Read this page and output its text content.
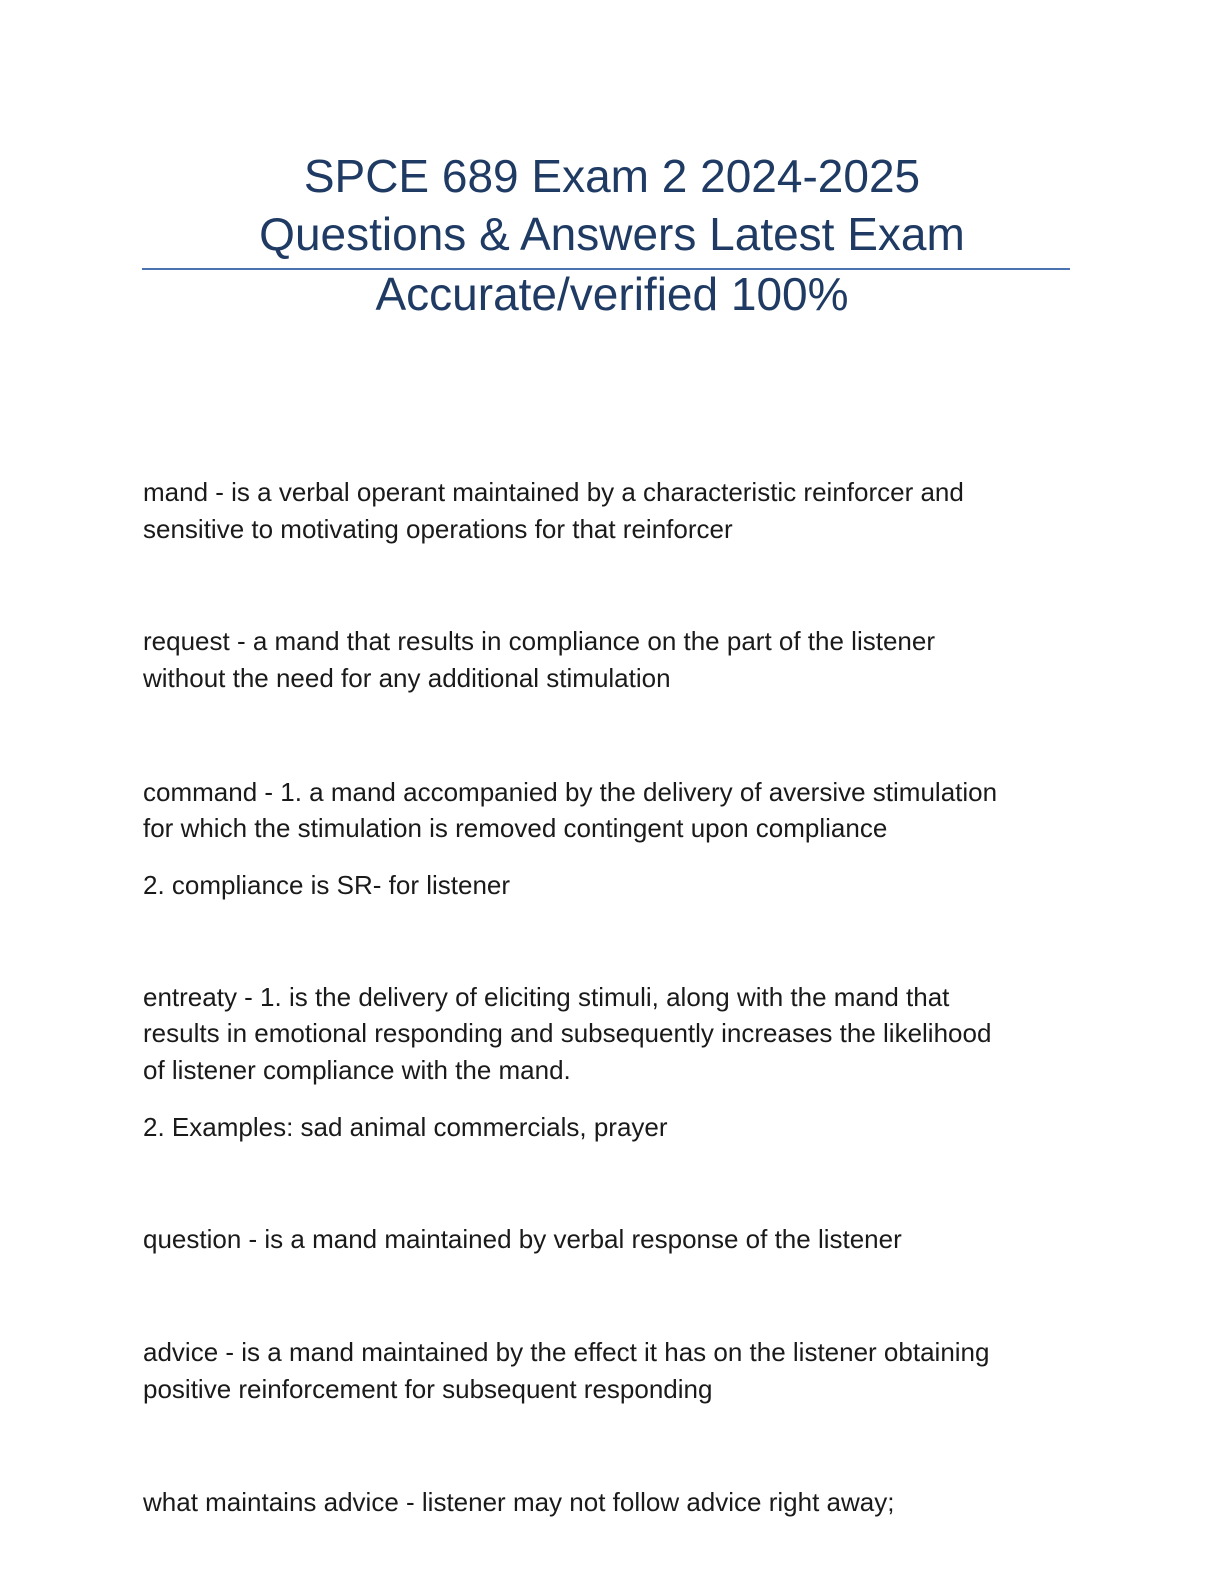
SPCE 689 Exam 2 2024-2025
Questions & Answers Latest Exam
Accurate/verified 100%
mand - is a verbal operant maintained by a characteristic reinforcer and
sensitive to motivating operations for that reinforcer
request - a mand that results in compliance on the part of the listener
without the need for any additional stimulation
command - 1. a mand accompanied by the delivery of aversive stimulation
for which the stimulation is removed contingent upon compliance
2. compliance is SR- for listener
entreaty - 1. is the delivery of eliciting stimuli, along with the mand that
results in emotional responding and subsequently increases the likelihood
of listener compliance with the mand.
2. Examples: sad animal commercials, prayer
question - is a mand maintained by verbal response of the listener
advice - is a mand maintained by the effect it has on the listener obtaining
positive reinforcement for subsequent responding
what maintains advice - listener may not follow advice right away;
